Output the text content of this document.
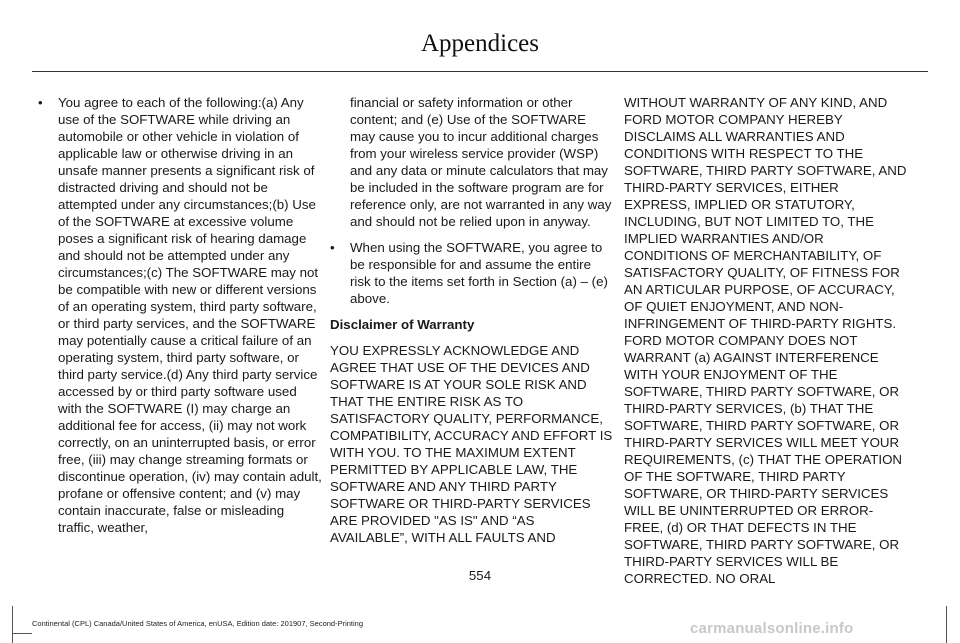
Appendices
•	You agree to each of the following:(a) Any use of the SOFTWARE while driving an automobile or other vehicle in violation of applicable law or otherwise driving in an unsafe manner presents a significant risk of distracted driving and should not be attempted under any circumstances;(b) Use of the SOFTWARE at excessive volume poses a significant risk of hearing damage and should not be attempted under any circumstances;(c) The SOFTWARE may not be compatible with new or different versions of an operating system, third party software, or third party services, and the SOFTWARE may potentially cause a critical failure of an operating system, third party software, or third party service.(d) Any third party service accessed by or third party software used with the SOFTWARE (I) may charge an additional fee for access, (ii) may not work correctly, on an uninterrupted basis, or error free, (iii) may change streaming formats or discontinue operation, (iv) may contain adult, profane or offensive content; and (v) may contain inaccurate, false or misleading traffic, weather,

financial or safety information or other content; and (e) Use of the SOFTWARE may cause you to incur additional charges from your wireless service provider (WSP) and any data or minute calculators that may be included in the software program are for reference only, are not warranted in any way and should not be relied upon in anyway.

•	When using the SOFTWARE, you agree to be responsible for and assume the entire risk to the items set forth in Section (a) – (e) above.

Disclaimer of Warranty

YOU EXPRESSLY ACKNOWLEDGE AND AGREE THAT USE OF THE DEVICES AND SOFTWARE IS AT YOUR SOLE RISK AND THAT THE ENTIRE RISK AS TO SATISFACTORY QUALITY, PERFORMANCE, COMPATIBILITY, ACCURACY AND EFFORT IS WITH YOU. TO THE MAXIMUM EXTENT PERMITTED BY APPLICABLE LAW, THE SOFTWARE AND ANY THIRD PARTY SOFTWARE OR THIRD-PARTY SERVICES ARE PROVIDED "AS IS" AND “AS AVAILABLE”, WITH ALL FAULTS AND

WITHOUT WARRANTY OF ANY KIND, AND FORD MOTOR COMPANY HEREBY DISCLAIMS ALL WARRANTIES AND CONDITIONS WITH RESPECT TO THE SOFTWARE, THIRD PARTY SOFTWARE, AND THIRD-PARTY SERVICES, EITHER EXPRESS, IMPLIED OR STATUTORY, INCLUDING, BUT NOT LIMITED TO, THE IMPLIED WARRANTIES AND/OR CONDITIONS OF MERCHANTABILITY, OF SATISFACTORY QUALITY, OF FITNESS FOR AN ARTICULAR PURPOSE, OF ACCURACY, OF QUIET ENJOYMENT, AND NON-INFRINGEMENT OF THIRD-PARTY RIGHTS. FORD MOTOR COMPANY DOES NOT WARRANT (a) AGAINST INTERFERENCE WITH YOUR ENJOYMENT OF THE SOFTWARE, THIRD PARTY SOFTWARE, OR THIRD-PARTY SERVICES, (b) THAT THE SOFTWARE, THIRD PARTY SOFTWARE, OR THIRD-PARTY SERVICES WILL MEET YOUR REQUIREMENTS, (c) THAT THE OPERATION OF THE SOFTWARE, THIRD PARTY SOFTWARE, OR THIRD-PARTY SERVICES WILL BE UNINTERRUPTED OR ERROR-FREE, (d) OR THAT DEFECTS IN THE SOFTWARE, THIRD PARTY SOFTWARE, OR THIRD-PARTY SERVICES WILL BE CORRECTED. NO ORAL

554
Continental (CPL) Canada/United States of America, enUSA, Edition date: 201907, Second-Printing	carmanualsonline.info
